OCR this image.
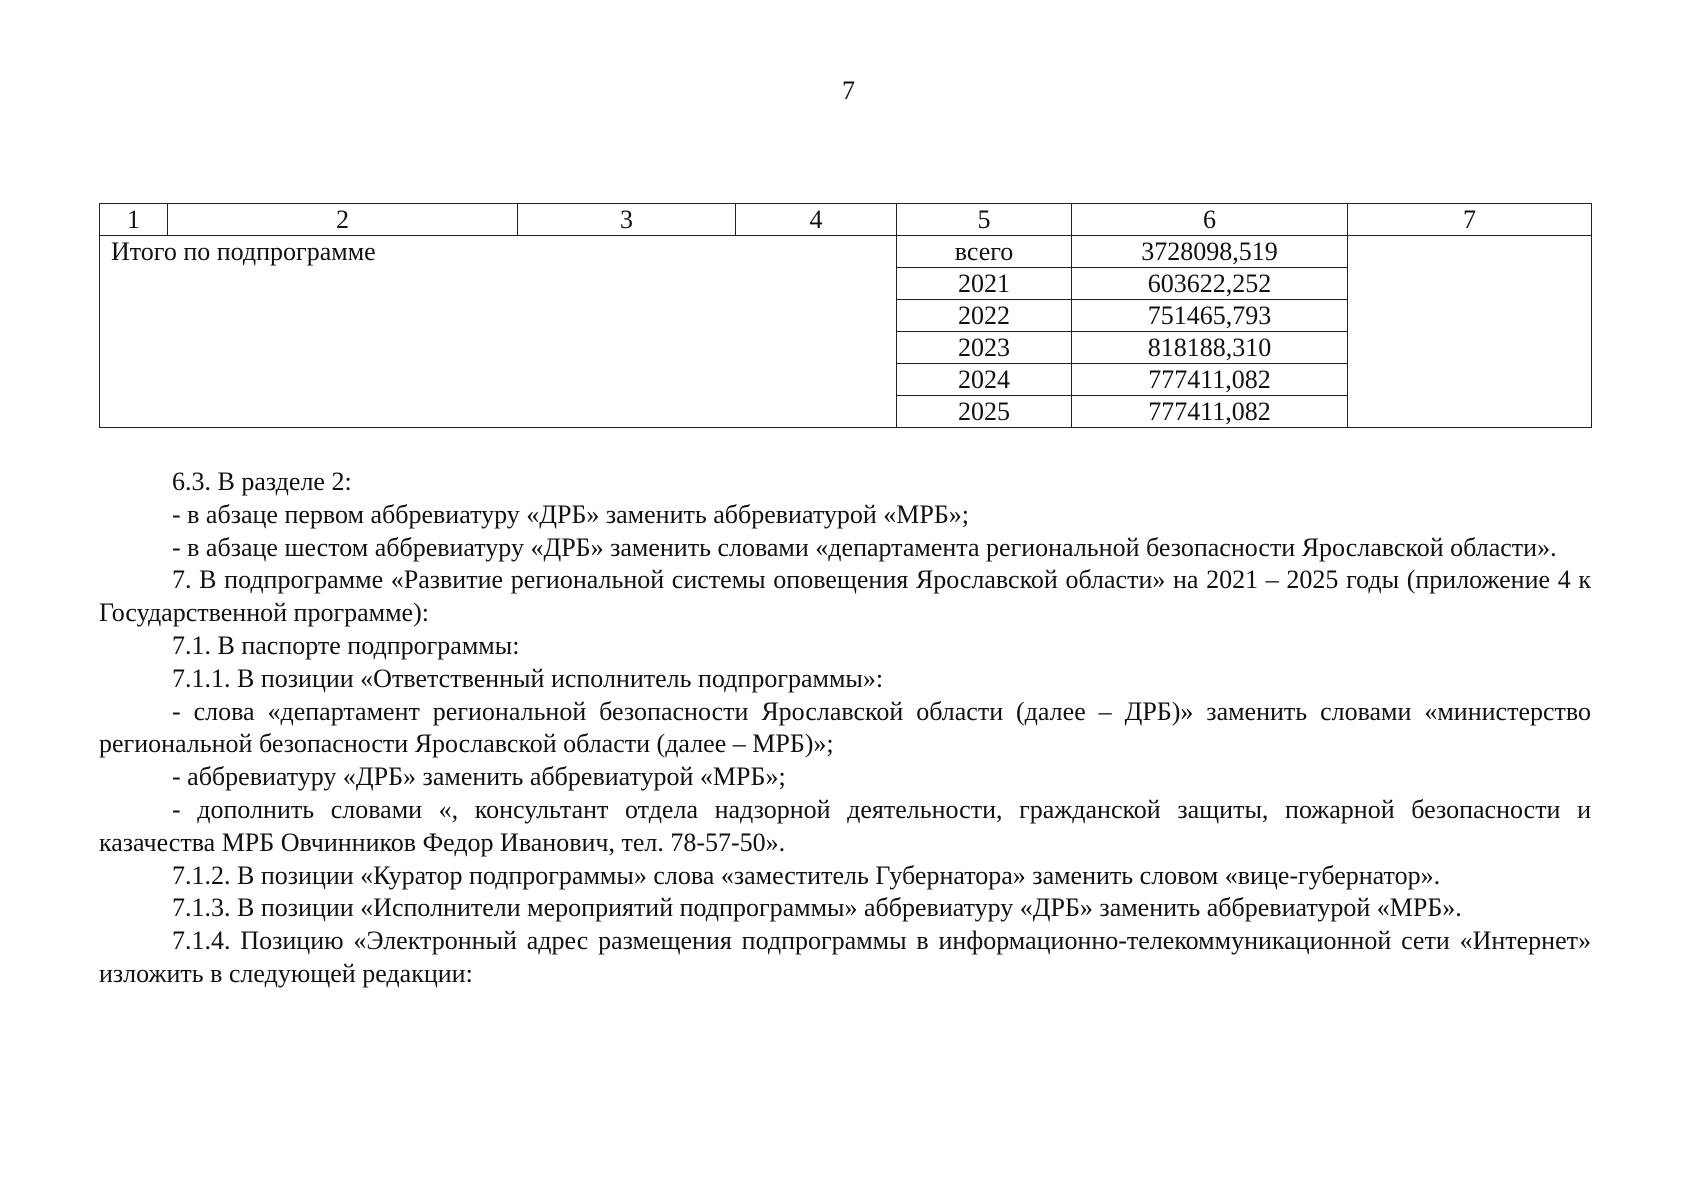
7
1	2	3	4	5	6	7
Итого по подпрограмме				всего	3728098,519	
				2021	603622,252	
				2022	751465,793	
				2023	818188,310	
				2024	777411,082	
				2025	777411,082	

6.3. В разделе 2:

- в абзаце первом аббревиатуру «ДРБ» заменить аббревиатурой «МРБ»;

- в абзаце шестом аббревиатуру «ДРБ» заменить словами «департамента региональной безопасности Ярославской области».

7. В подпрограмме «Развитие региональной системы оповещения Ярославской области» на 2021 – 2025 годы (приложение 4 к Государственной программе):

7.1. В паспорте подпрограммы:

7.1.1. В позиции «Ответственный исполнитель подпрограммы»:

- слова «департамент региональной безопасности Ярославской области (далее – ДРБ)» заменить словами «министерство региональной безопасности Ярославской области (далее – МРБ)»;

- аббревиатуру «ДРБ» заменить аббревиатурой «МРБ»;

- дополнить словами «, консультант отдела надзорной деятельности, гражданской защиты, пожарной безопасности и казачества МРБ Овчинников Федор Иванович, тел. 78-57-50».

7.1.2. В позиции «Куратор подпрограммы» слова «заместитель Губернатора» заменить словом «вице-губернатор».

7.1.3. В позиции «Исполнители мероприятий подпрограммы» аббревиатуру «ДРБ» заменить аббревиатурой «МРБ».

7.1.4. Позицию «Электронный адрес размещения подпрограммы в информационно-телекоммуникационной сети «Интернет» изложить в следующей редакции:
